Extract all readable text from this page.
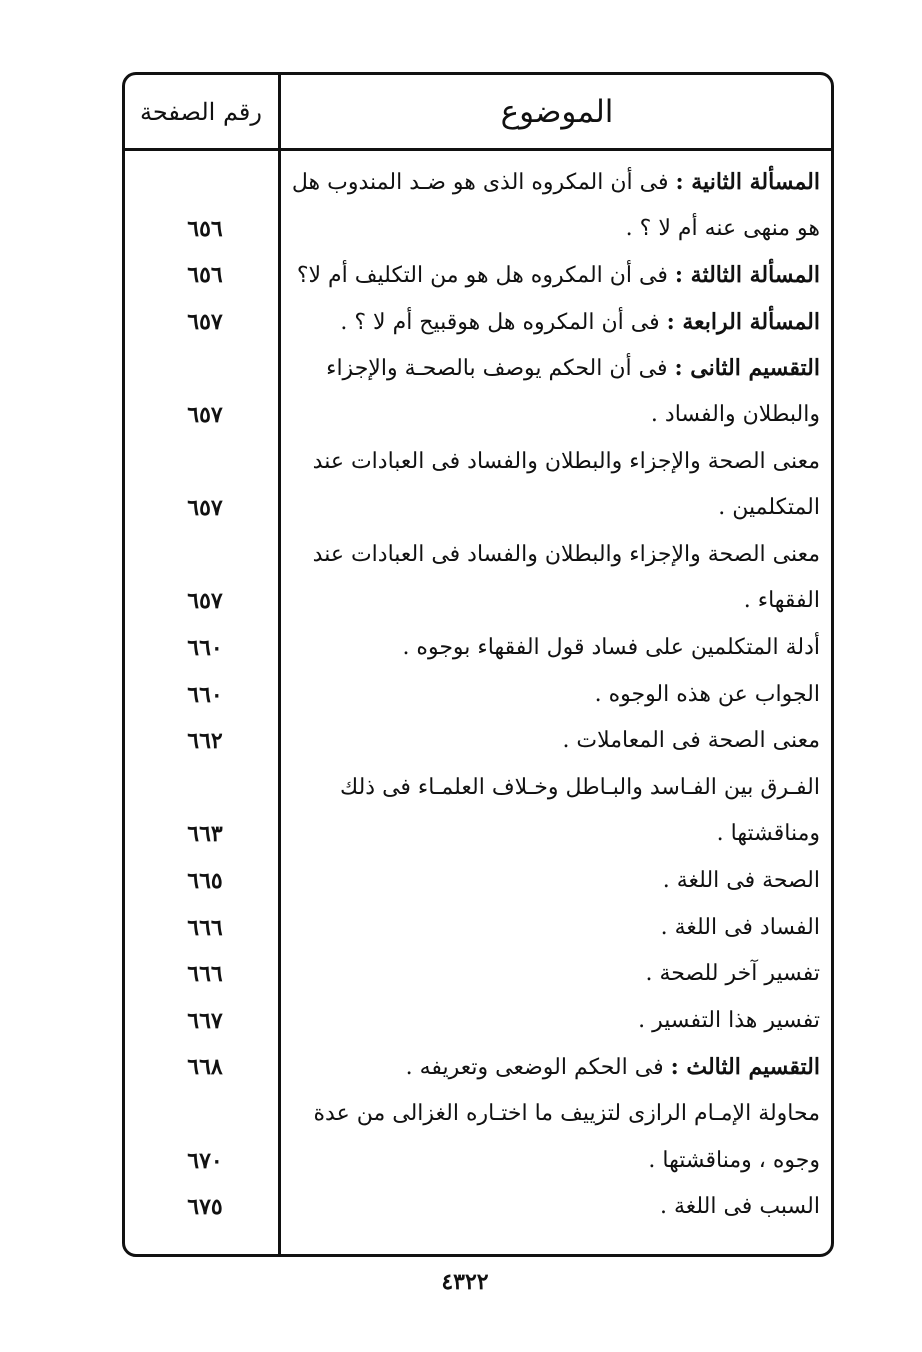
الموضوع
رقم الصفحة
المسألة الثانية : فى أن المكروه الذى هو ضـد المندوب هل
هو منهى عنه أم لا ؟ .
٦٥٦
المسألة الثالثة : فى أن المكروه هل هو من التكليف أم لا؟
٦٥٦
المسألة الرابعة : فى أن المكروه هل هوقبيح أم لا ؟ .
٦٥٧
التقسيم الثانى : فى أن الحكم يوصف بالصحـة والإجزاء
والبطلان والفساد .
٦٥٧
معنى الصحة والإجزاء والبطلان والفساد فى العبادات عند
المتكلمين .
٦٥٧
معنى الصحة والإجزاء والبطلان والفساد فى العبادات عند
الفقهاء .
٦٥٧
أدلة المتكلمين على فساد قول الفقهاء بوجوه .
٦٦٠
الجواب عن هذه الوجوه .
٦٦٠
معنى الصحة فى المعاملات .
٦٦٢
الفـرق بين الفـاسد والبـاطل وخـلاف العلمـاء فى ذلك
ومناقشتها .
٦٦٣
الصحة فى اللغة .
٦٦٥
الفساد فى اللغة .
٦٦٦
تفسير آخر للصحة .
٦٦٦
تفسير هذا التفسير .
٦٦٧
التقسيم الثالث : فى الحكم الوضعى وتعريفه .
٦٦٨
محاولة الإمـام الرازى لتزييف ما اختـاره الغزالى من عدة
وجوه ، ومناقشتها .
٦٧٠
السبب فى اللغة .
٦٧٥
٤٣٢٢
